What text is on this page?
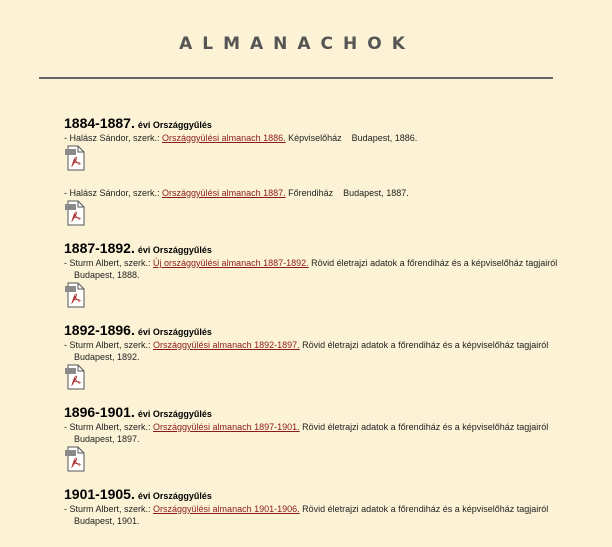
ALMANACHOK
1884-1887. évi Országgyűlés
- Halász Sándor, szerk.: Országgyülési almanach 1886. Képviselőház Budapest, 1886.
- Halász Sándor, szerk.: Országgyülési almanach 1887. Főrendiház Budapest, 1887.
1887-1892. évi Országgyűlés
- Sturm Albert, szerk.: Új országgyülési almanach 1887-1892. Rövid életrajzi adatok a főrendiház és a képviselőház tagjairól
Budapest, 1888.
1892-1896. évi Országgyűlés
- Sturm Albert, szerk.: Országgyülési almanach 1892-1897. Rövid életrajzi adatok a főrendiház és a képviselőház tagjairól
Budapest, 1892.
1896-1901. évi Országgyűlés
- Sturm Albert, szerk.: Országgyülési almanach 1897-1901. Rövid életrajzi adatok a főrendiház és a képviselőház tagjairól
Budapest, 1897.
1901-1905. évi Országgyűlés
- Sturm Albert, szerk.: Országgyülési almanach 1901-1906. Rövid életrajzi adatok a főrendiház és a képviselőház tagjairól
Budapest, 1901.
